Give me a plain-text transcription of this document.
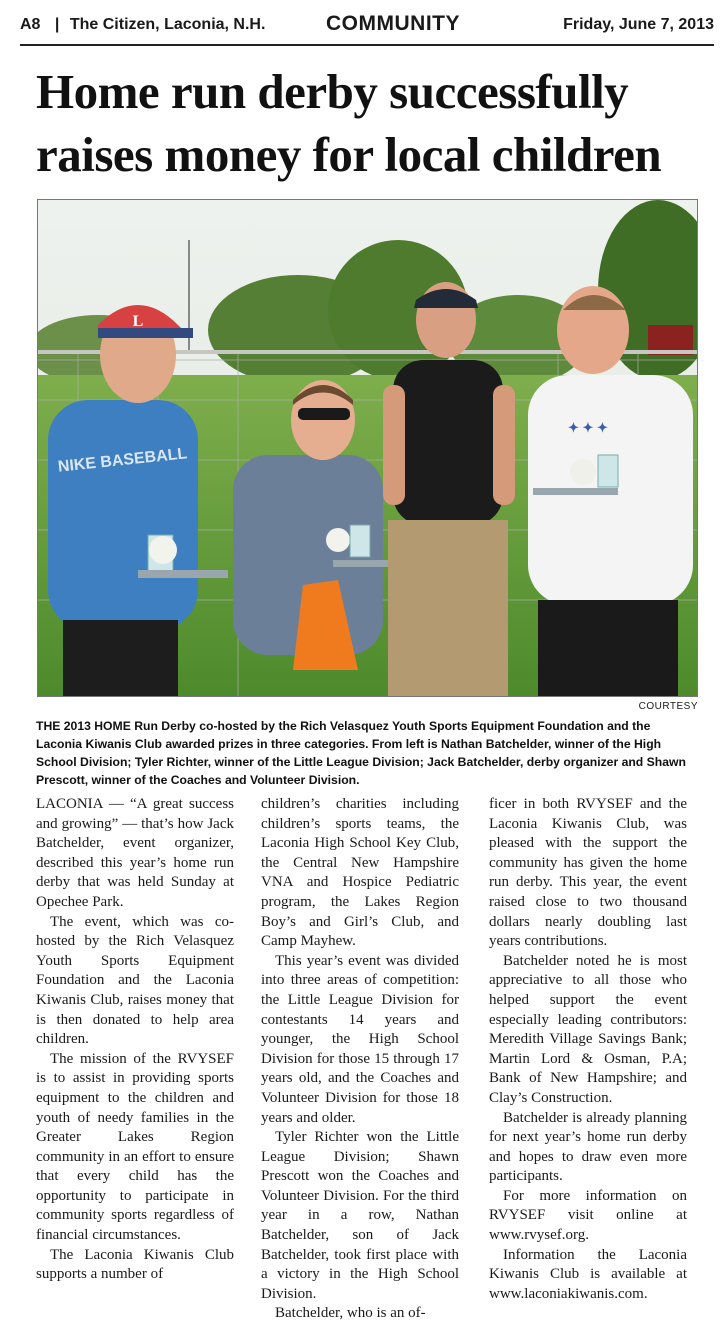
A8 | The Citizen, Laconia, N.H.	COMMUNITY	Friday, June 7, 2013
Home run derby successfully
raises money for local children
L
NIKE BASEBALL
✦ ✦ ✦
COURTESY
THE 2013 HOME Run Derby co-hosted by the Rich Velasquez Youth Sports Equipment Foundation and the Laconia Kiwanis Club awarded prizes in three categories. From left is Nathan Batchelder, winner of the High School Division; Tyler Richter, winner of the Little League Division; Jack Batchelder, derby organizer and Shawn Prescott, winner of the Coaches and Volunteer Division.

LACONIA — “A great success and growing” — that’s how Jack Batchelder, event organizer, described this year’s home run derby that was held Sunday at Opechee Park.

The event, which was co-hosted by the Rich Velasquez Youth Sports Equipment Foundation and the Laconia Kiwanis Club, raises money that is then donated to help area children.

The mission of the RVYSEF is to assist in providing sports equipment to the children and youth of needy families in the Greater Lakes Region community in an effort to ensure that every child has the opportunity to participate in community sports regardless of financial circumstances.

The Laconia Kiwanis Club supports a number of

children’s charities including children’s sports teams, the Laconia High School Key Club, the Central New Hampshire VNA and Hospice Pediatric program, the Lakes Region Boy’s and Girl’s Club, and Camp Mayhew.

This year’s event was divided into three areas of competition: the Little League Division for contestants 14 years and younger, the High School Division for those 15 through 17 years old, and the Coaches and Volunteer Division for those 18 years and older.

Tyler Richter won the Little League Division; Shawn Prescott won the Coaches and Volunteer Division. For the third year in a row, Nathan Batchelder, son of Jack Batchelder, took first place with a victory in the High School Division.

Batchelder, who is an of-

ficer in both RVYSEF and the Laconia Kiwanis Club, was pleased with the support the community has given the home run derby. This year, the event raised close to two thousand dollars nearly doubling last years contributions.

Batchelder noted he is most appreciative to all those who helped support the event especially leading contributors: Meredith Village Savings Bank; Martin Lord & Osman, P.A; Bank of New Hampshire; and Clay’s Construction.

Batchelder is already planning for next year’s home run derby and hopes to draw even more participants.

For more information on RVYSEF visit online at www.rvysef.org.

Information the Laconia Kiwanis Club is available at www.laconiakiwanis.com.
